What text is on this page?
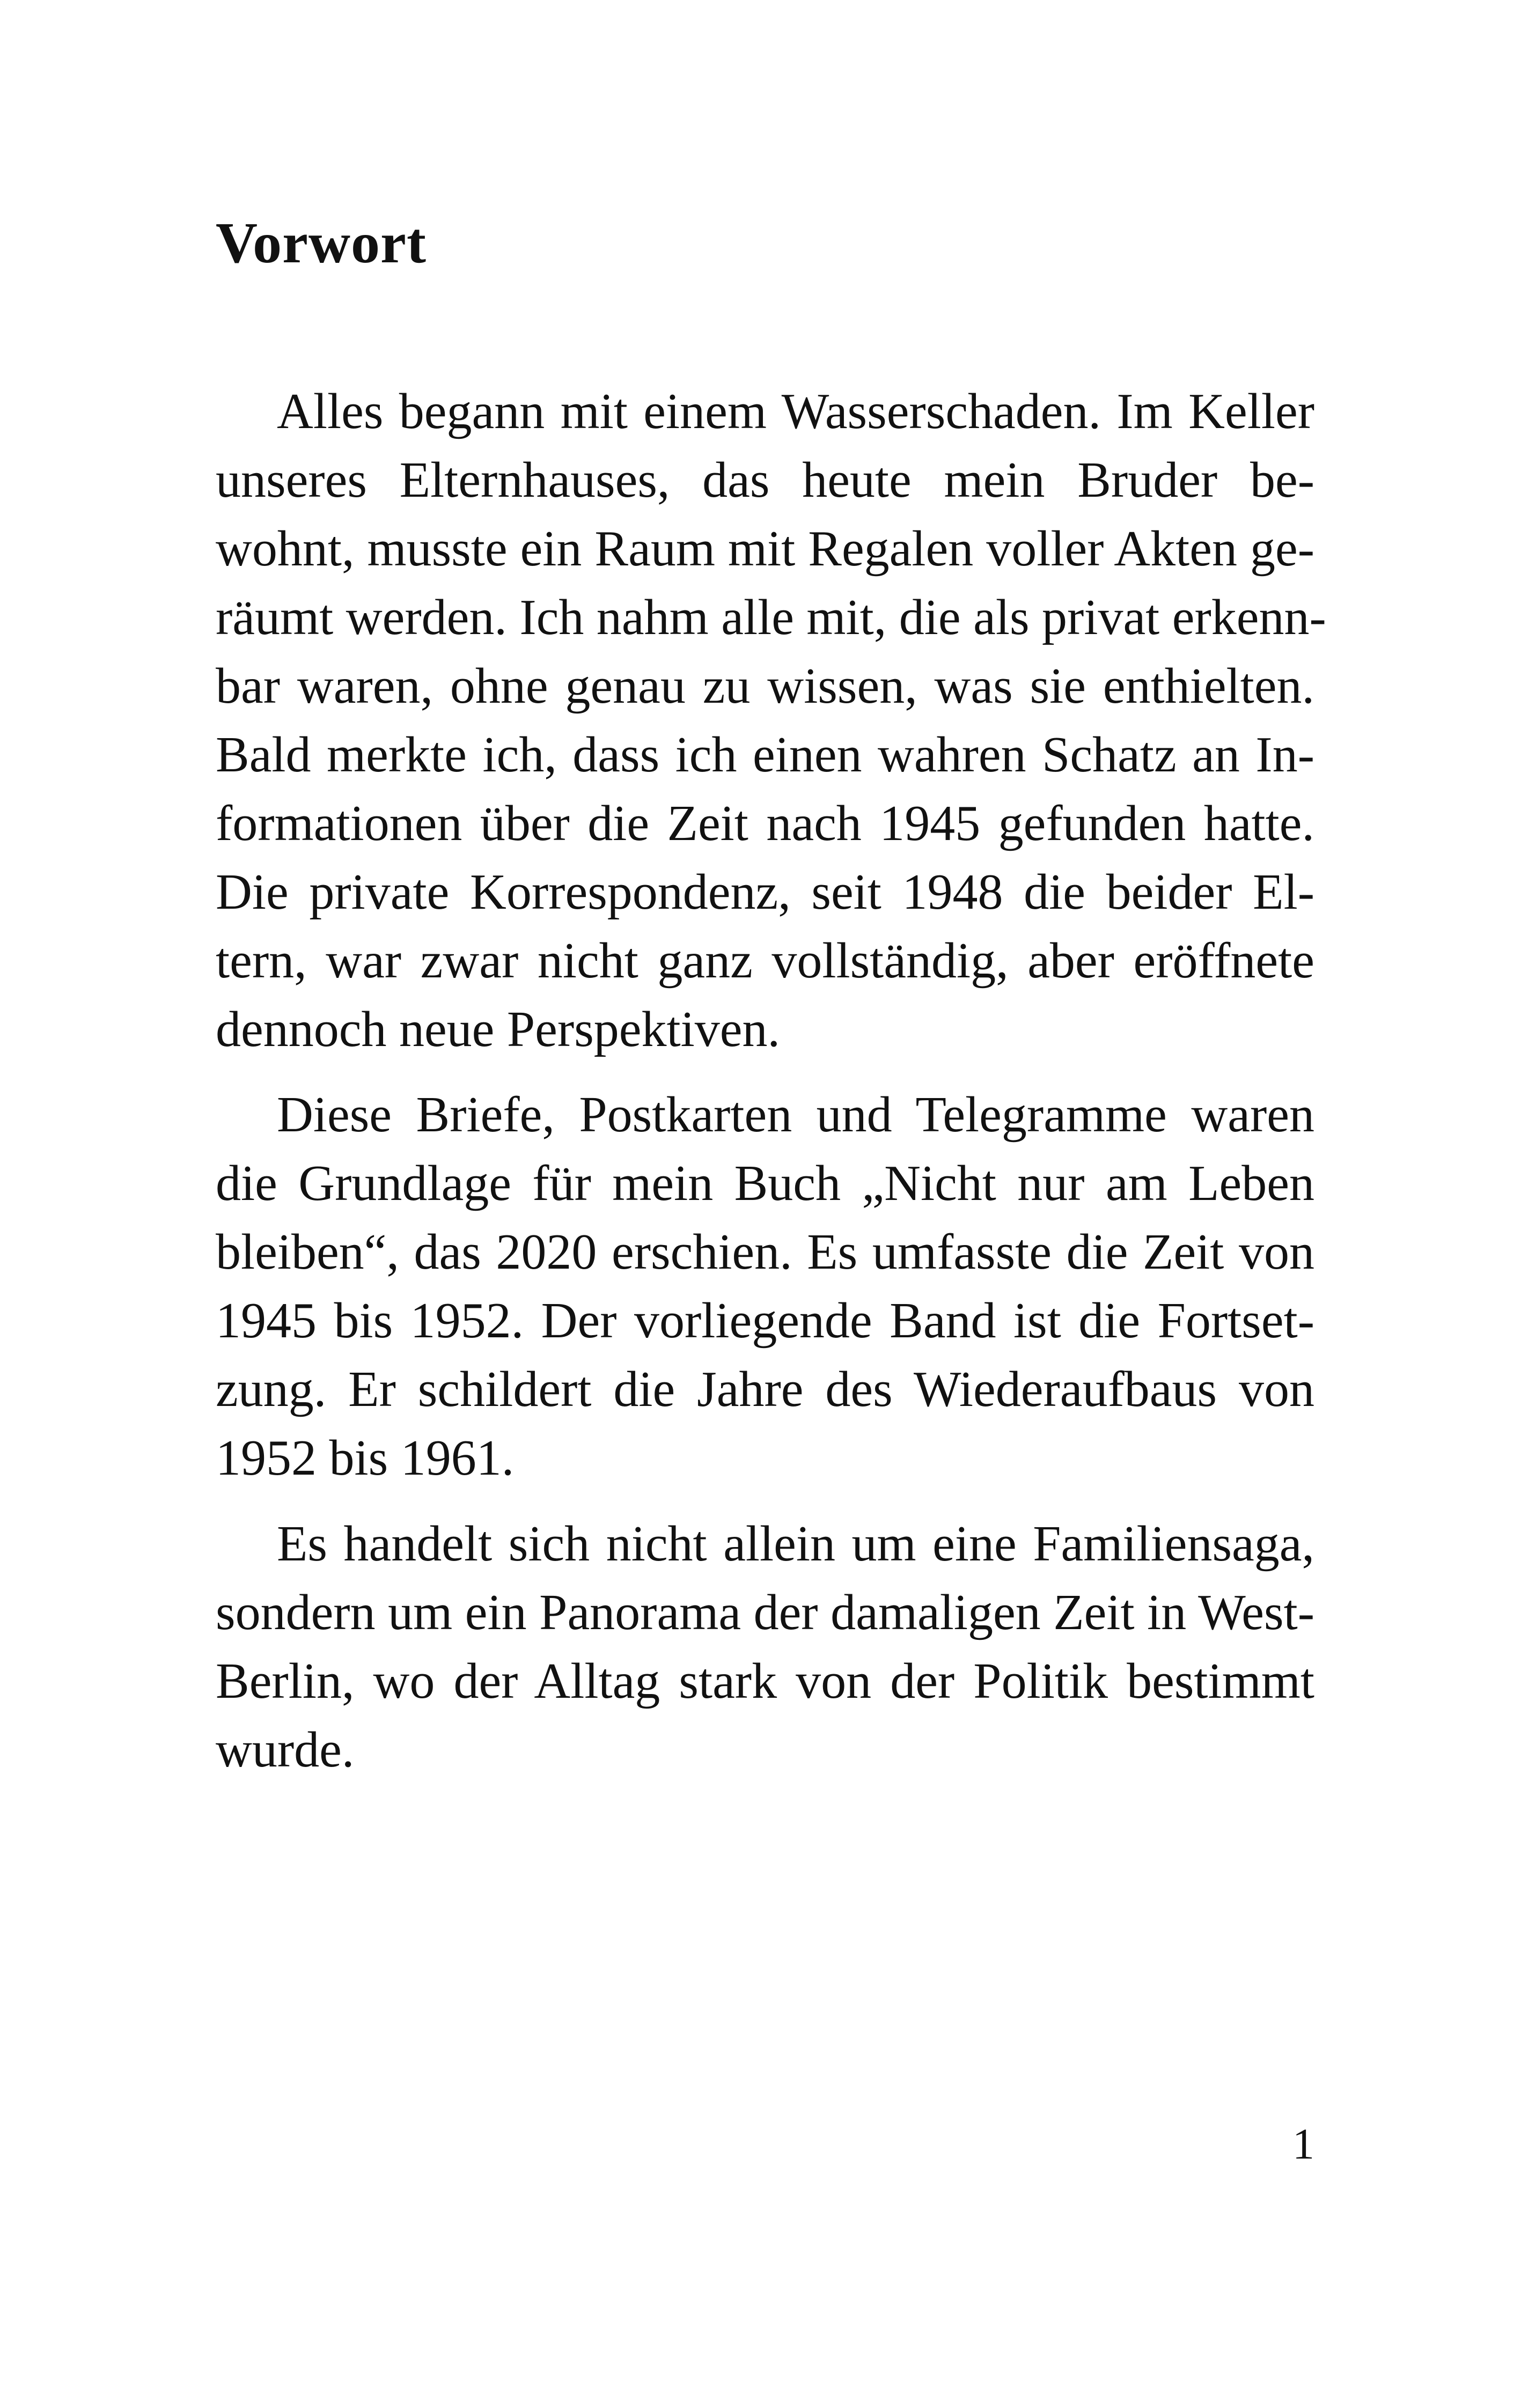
Vorwort

Alles begann mit einem Wasserschaden. Im Keller

unseres Elternhauses, das heute mein Bruder be-

wohnt, musste ein Raum mit Regalen voller Akten ge-

räumt werden. Ich nahm alle mit, die als privat erkenn-

bar waren, ohne genau zu wissen, was sie enthielten.

Bald merkte ich, dass ich einen wahren Schatz an In-

formationen über die Zeit nach 1945 gefunden hatte.

Die private Korrespondenz, seit 1948 die beider El-

tern, war zwar nicht ganz vollständig, aber eröffnete

dennoch neue Perspektiven.

Diese Briefe, Postkarten und Telegramme waren

die Grundlage für mein Buch „Nicht nur am Leben

bleiben“, das 2020 erschien. Es umfasste die Zeit von

1945 bis 1952. Der vorliegende Band ist die Fortset-

zung. Er schildert die Jahre des Wiederaufbaus von

1952 bis 1961.

Es handelt sich nicht allein um eine Familiensaga,

sondern um ein Panorama der damaligen Zeit in West-

Berlin, wo der Alltag stark von der Politik bestimmt

wurde.

1
